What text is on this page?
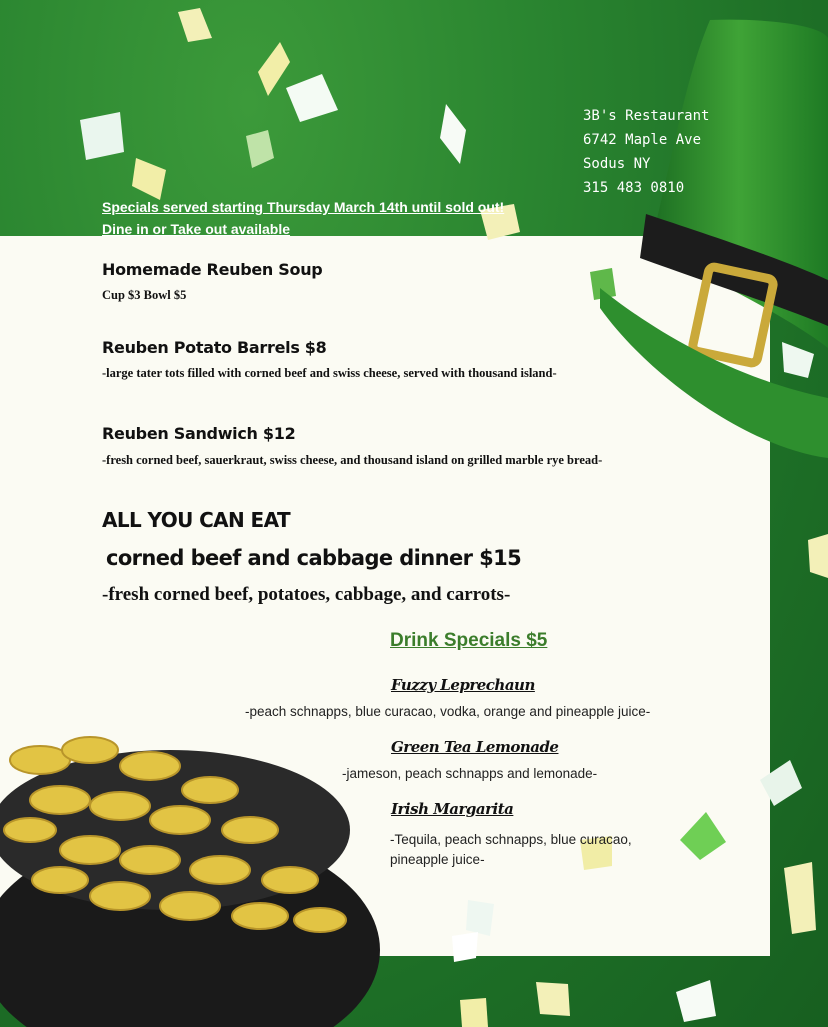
3B's Restaurant
6742 Maple Ave
Sodus NY
315 483 0810
Specials served starting Thursday March 14th until sold out!
Dine in or Take out available
Homemade Reuben Soup
Cup $3 Bowl $5
Reuben Potato Barrels $8
-large tater tots filled with corned beef and swiss cheese, served with thousand island-
Reuben Sandwich $12
-fresh corned beef, sauerkraut, swiss cheese, and thousand island on grilled marble rye bread-
ALL YOU CAN EAT
corned beef and cabbage dinner $15
-fresh corned beef, potatoes, cabbage, and carrots-
Drink Specials $5
Fuzzy Leprechaun
-peach schnapps, blue curacao, vodka, orange and pineapple juice-
Green Tea Lemonade
-jameson, peach schnapps and lemonade-
Irish Margarita
-Tequila, peach schnapps, blue curacao,
pineapple juice-
